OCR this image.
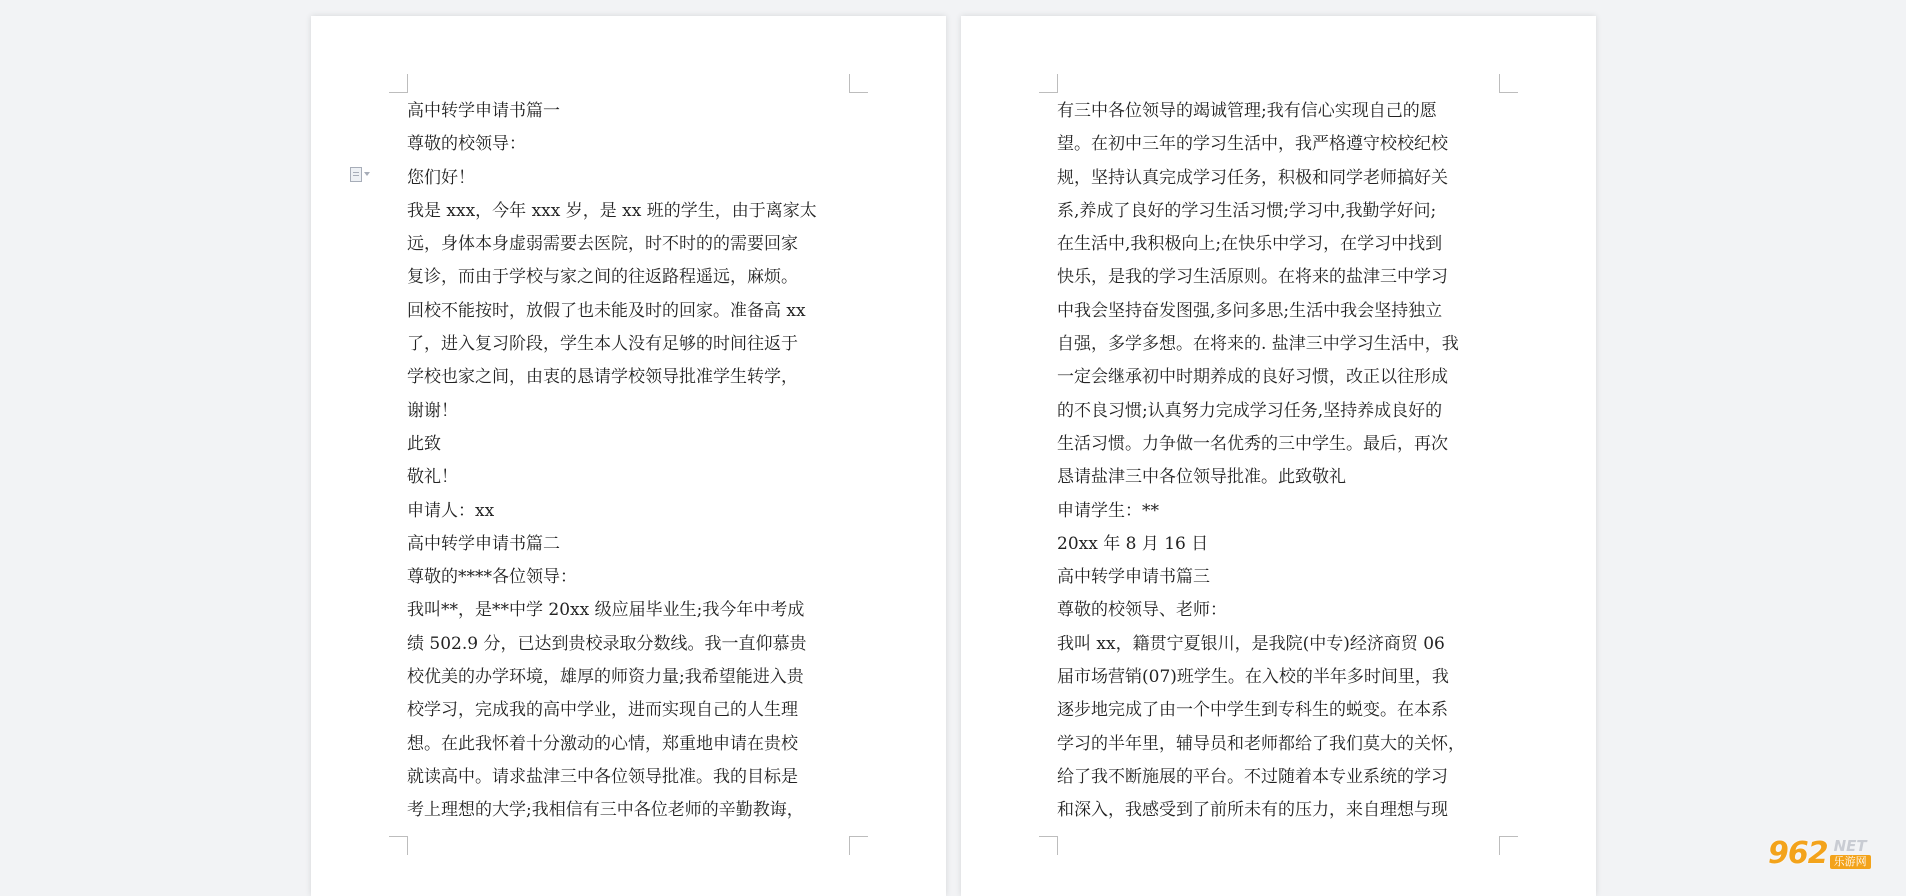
高中转学申请书篇一
尊敬的校领导：
您们好！
我是 xxx，今年 xxx 岁，是 xx 班的学生，由于离家太
远，身体本身虚弱需要去医院，时不时的的需要回家
复诊，而由于学校与家之间的往返路程遥远，麻烦。
回校不能按时，放假了也未能及时的回家。准备高 xx
了，进入复习阶段，学生本人没有足够的时间往返于
学校也家之间，由衷的恳请学校领导批准学生转学，
谢谢！
此致
敬礼！
申请人：xx
高中转学申请书篇二
尊敬的****各位领导：
我叫**，是**中学 20xx 级应届毕业生;我今年中考成
绩 502.9 分，已达到贵校录取分数线。我一直仰慕贵
校优美的办学环境，雄厚的师资力量;我希望能进入贵
校学习，完成我的高中学业，进而实现自己的人生理
想。在此我怀着十分激动的心情，郑重地申请在贵校
就读高中。请求盐津三中各位领导批准。我的目标是
考上理想的大学;我相信有三中各位老师的辛勤教诲，
有三中各位领导的竭诚管理;我有信心实现自己的愿
望。在初中三年的学习生活中，我严格遵守校校纪校
规，坚持认真完成学习任务，积极和同学老师搞好关
系,养成了良好的学习生活习惯;学习中,我勤学好问;
在生活中,我积极向上;在快乐中学习，在学习中找到
快乐，是我的学习生活原则。在将来的盐津三中学习
中我会坚持奋发图强,多问多思;生活中我会坚持独立
自强，多学多想。在将来的. 盐津三中学习生活中，我
一定会继承初中时期养成的良好习惯，改正以往形成
的不良习惯;认真努力完成学习任务,坚持养成良好的
生活习惯。力争做一名优秀的三中学生。最后，再次
恳请盐津三中各位领导批准。此致敬礼
申请学生：**
20xx 年 8 月 16 日
高中转学申请书篇三
尊敬的校领导、老师：
我叫 xx，籍贯宁夏银川，是我院(中专)经济商贸 06
届市场营销(07)班学生。在入校的半年多时间里，我
逐步地完成了由一个中学生到专科生的蜕变。在本系
学习的半年里，辅导员和老师都给了我们莫大的关怀，
给了我不断施展的平台。不过随着本专业系统的学习
和深入，我感受到了前所未有的压力，来自理想与现
962 NET
乐游网
